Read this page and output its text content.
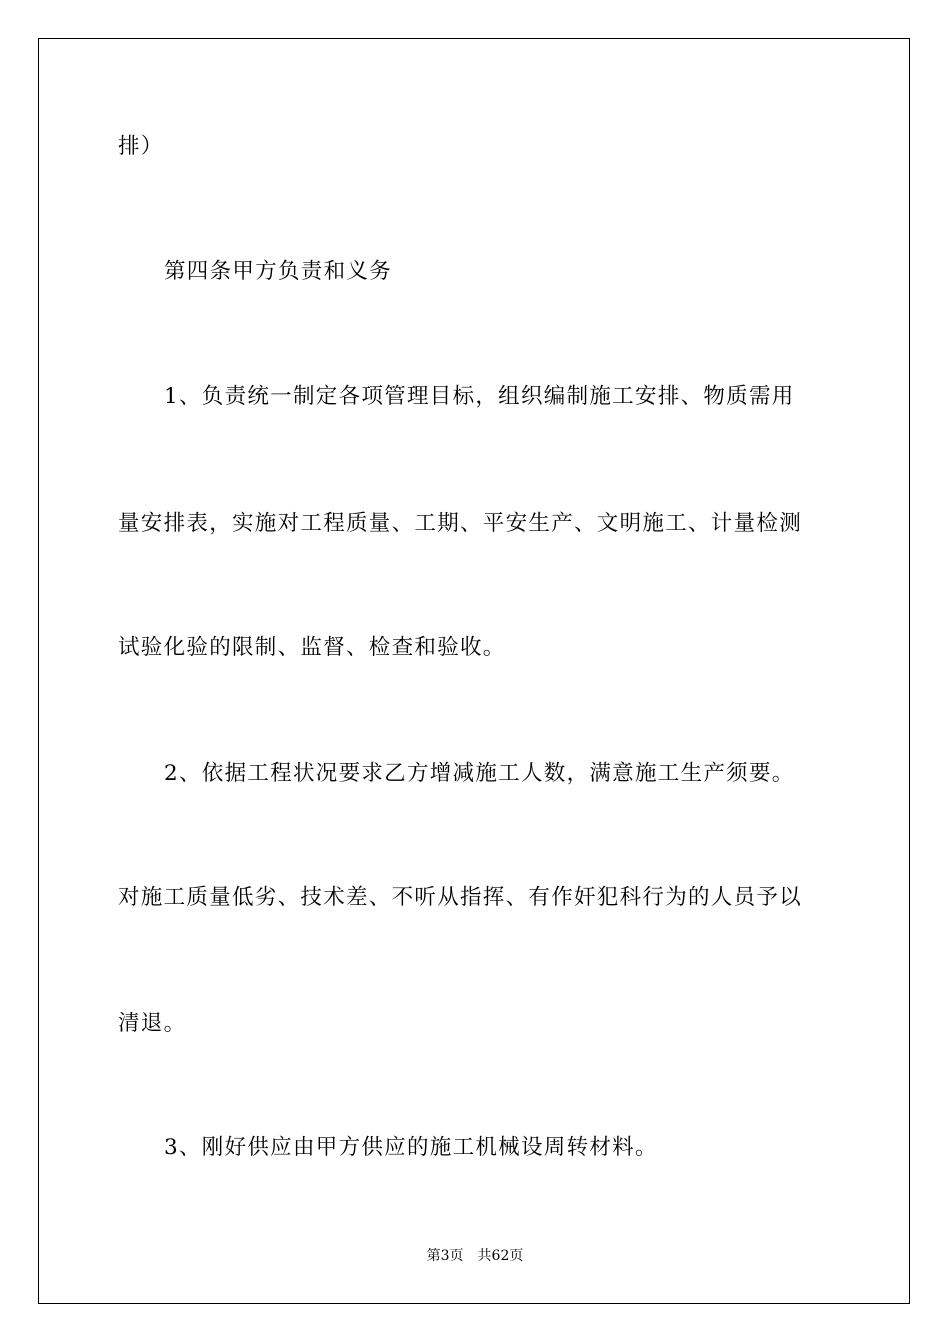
排）
第四条甲方负责和义务
1、负责统一制定各项管理目标，组织编制施工安排、物质需用
量安排表，实施对工程质量、工期、平安生产、文明施工、计量检测
试验化验的限制、监督、检查和验收。
2、依据工程状况要求乙方增减施工人数，满意施工生产须要。
对施工质量低劣、技术差、不听从指挥、有作奸犯科行为的人员予以
清退。
3、刚好供应由甲方供应的施工机械设周转材料。
第3页 共62页
